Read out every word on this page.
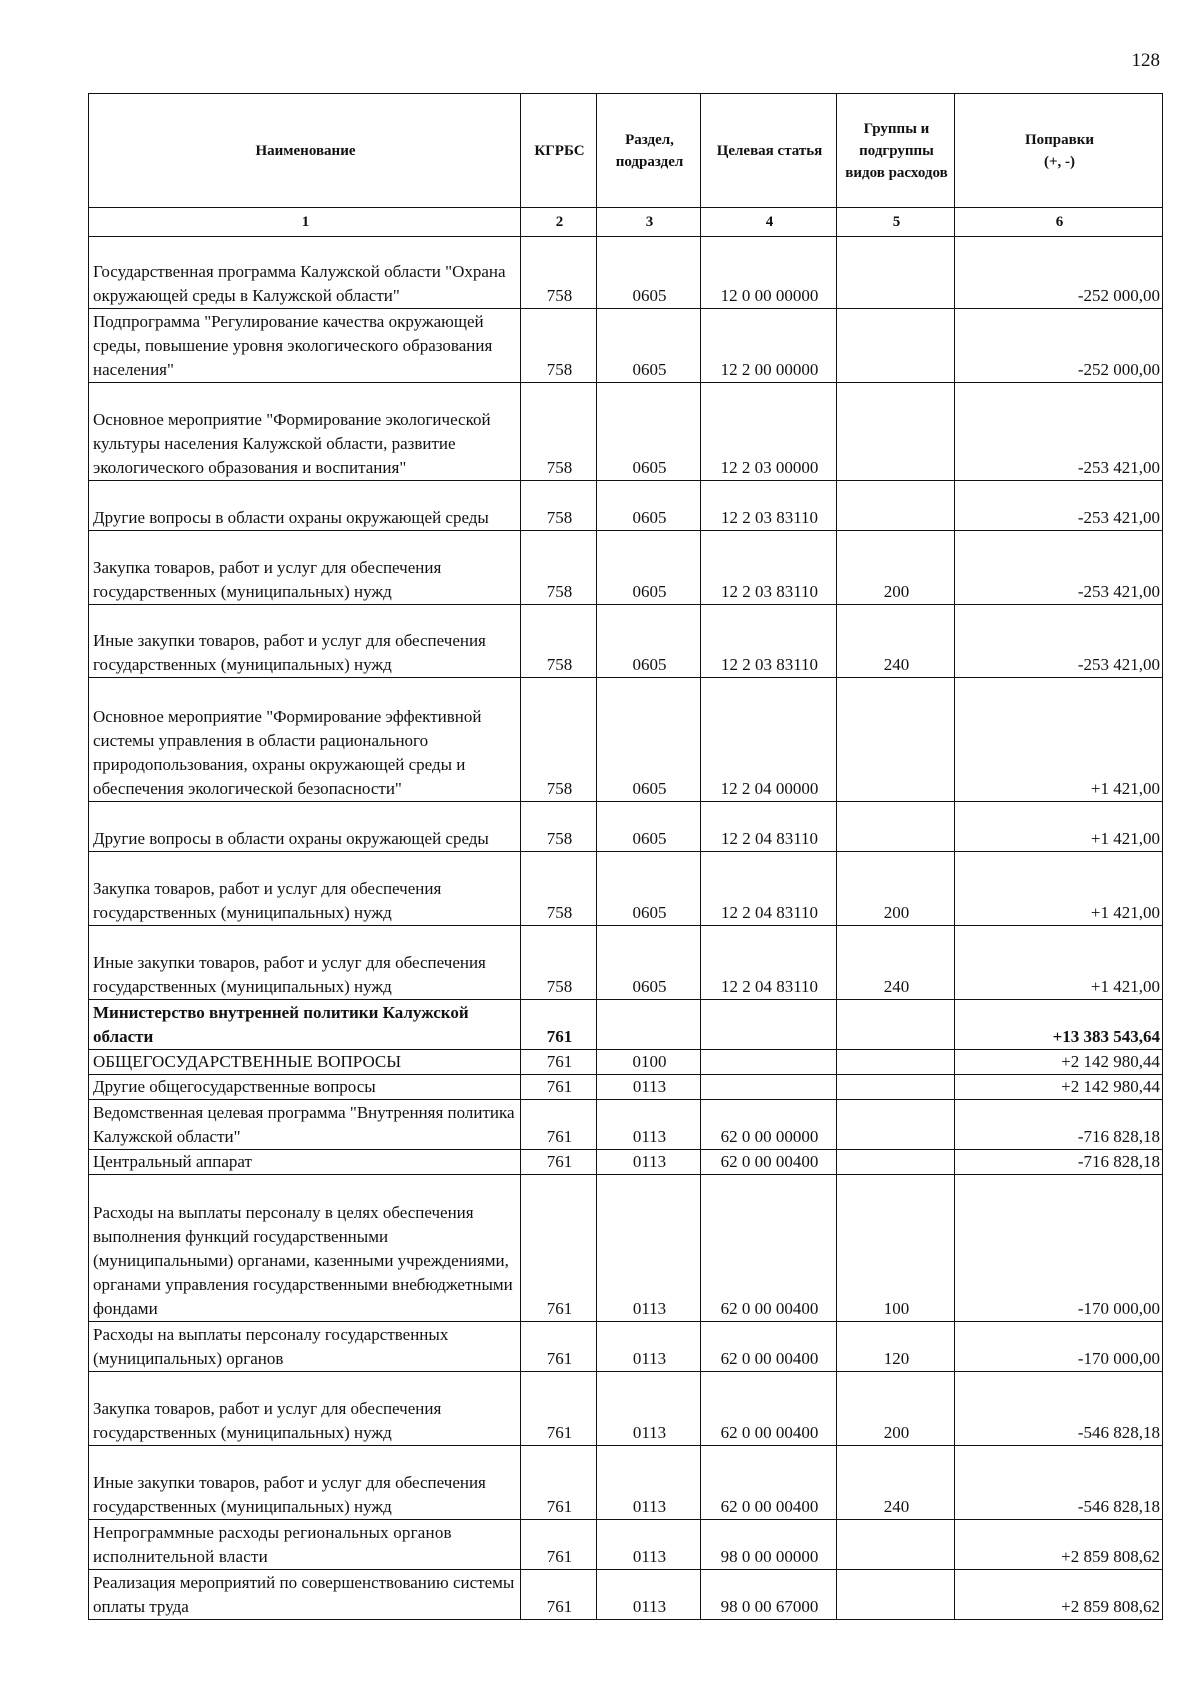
128
Наименование	КГРБС	Раздел, подраздел	Целевая статья	Группы и подгруппы видов расходов	Поправки
(+, -)
1	2	3	4	5	6
Государственная программа Калужской области "Охрана окружающей среды в Калужской области"	758	0605	12 0 00 00000		-252 000,00
Подпрограмма "Регулирование качества окружающей среды, повышение уровня экологического образования населения"	758	0605	12 2 00 00000		-252 000,00
Основное мероприятие "Формирование экологической культуры населения Калужской области, развитие экологического образования и воспитания"	758	0605	12 2 03 00000		-253 421,00
Другие вопросы в области охраны окружающей среды	758	0605	12 2 03 83110		-253 421,00
Закупка товаров, работ и услуг для обеспечения государственных (муниципальных) нужд	758	0605	12 2 03 83110	200	-253 421,00
Иные закупки товаров, работ и услуг для обеспечения государственных (муниципальных) нужд	758	0605	12 2 03 83110	240	-253 421,00
Основное мероприятие "Формирование эффективной системы управления в области рационального природопользования, охраны окружающей среды и обеспечения экологической безопасности"	758	0605	12 2 04 00000		+1 421,00
Другие вопросы в области охраны окружающей среды	758	0605	12 2 04 83110		+1 421,00
Закупка товаров, работ и услуг для обеспечения государственных (муниципальных) нужд	758	0605	12 2 04 83110	200	+1 421,00
Иные закупки товаров, работ и услуг для обеспечения государственных (муниципальных) нужд	758	0605	12 2 04 83110	240	+1 421,00
Министерство внутренней политики Калужской области	761				+13 383 543,64
ОБЩЕГОСУДАРСТВЕННЫЕ ВОПРОСЫ	761	0100			+2 142 980,44
Другие общегосударственные вопросы	761	0113			+2 142 980,44
Ведомственная целевая программа "Внутренняя политика Калужской области"	761	0113	62 0 00 00000		-716 828,18
Центральный аппарат	761	0113	62 0 00 00400		-716 828,18
Расходы на выплаты персоналу в целях обеспечения выполнения функций государственными (муниципальными) органами, казенными учреждениями, органами управления государственными внебюджетными фондами	761	0113	62 0 00 00400	100	-170 000,00
Расходы на выплаты персоналу государственных (муниципальных) органов	761	0113	62 0 00 00400	120	-170 000,00
Закупка товаров, работ и услуг для обеспечения государственных (муниципальных) нужд	761	0113	62 0 00 00400	200	-546 828,18
Иные закупки товаров, работ и услуг для обеспечения государственных (муниципальных) нужд	761	0113	62 0 00 00400	240	-546 828,18
Непрограммные расходы региональных органов исполнительной власти	761	0113	98 0 00 00000		+2 859 808,62
Реализация мероприятий по совершенствованию системы оплаты труда	761	0113	98 0 00 67000		+2 859 808,62
